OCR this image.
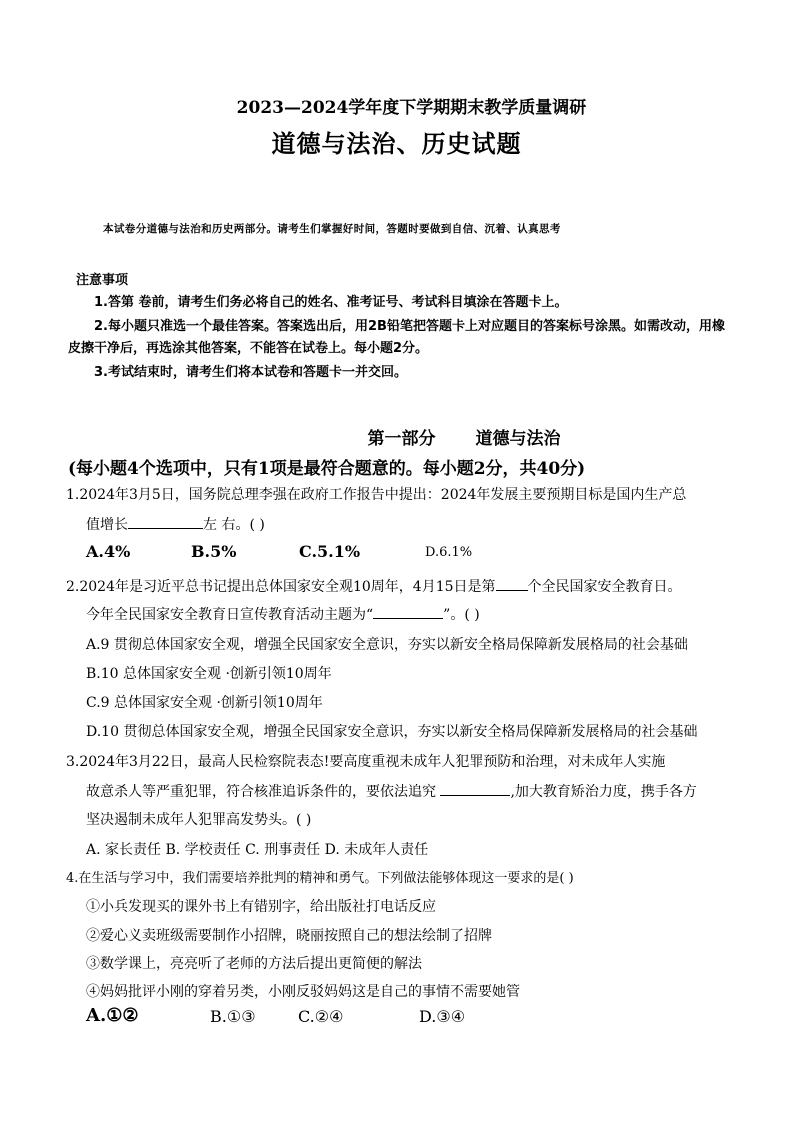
2023—2024学年度下学期期末教学质量调研
道德与法治、历史试题
本试卷分道德与法治和历史两部分。请考生们掌握好时间，答题时要做到自信、沉着、认真思考
注意事项
1.答第 卷前，请考生们务必将自己的姓名、准考证号、考试科目填涂在答题卡上。
2.每小题只准选一个最佳答案。答案选出后，用2B铅笔把答题卡上对应题目的答案标号涂黑。如需改动，用橡
皮擦干净后，再选涂其他答案，不能答在试卷上。每小题2分。
3.考试结束时，请考生们将本试卷和答题卡一并交回。
第一部分 道德与法治
(每小题4个选项中，只有1项是最符合题意的。每小题2分，共40分)
1.2024年3月5日，国务院总理李强在政府工作报告中提出：2024年发展主要预期目标是国内生产总
值增长	左 右。( )
A.4%	B.5%	C.5.1%	D.6.1%
2.2024年是习近平总书记提出总体国家安全观10周年，4月15日是第 个全民国家安全教育日。
今年全民国家安全教育日宣传教育活动主题为“	”。( )
A.9 贯彻总体国家安全观，增强全民国家安全意识，夯实以新安全格局保障新发展格局的社会基础
B.10 总体国家安全观 ·创新引领10周年
C.9 总体国家安全观 ·创新引领10周年
D.10 贯彻总体国家安全观，增强全民国家安全意识，夯实以新安全格局保障新发展格局的社会基础
3.2024年3月22日，最高人民检察院表态!要高度重视未成年人犯罪预防和治理，对未成年人实施
故意杀人等严重犯罪，符合核准追诉条件的，要依法追究	,加大教育矫治力度，携手各方
坚决遏制未成年人犯罪高发势头。( )
A. 家长责任 B. 学校责任 C. 刑事责任 D. 未成年人责任
4.在生活与学习中，我们需要培养批判的精神和勇气。下列做法能够体现这一要求的是( )
①小兵发现买的课外书上有错别字，给出版社打电话反应
②爱心义卖班级需要制作小招牌，晓丽按照自己的想法绘制了招牌
③数学课上，亮亮听了老师的方法后提出更简便的解法
④妈妈批评小刚的穿着另类，小刚反驳妈妈这是自己的事情不需要她管
A.①②	B.①③	C.②④	D.③④
